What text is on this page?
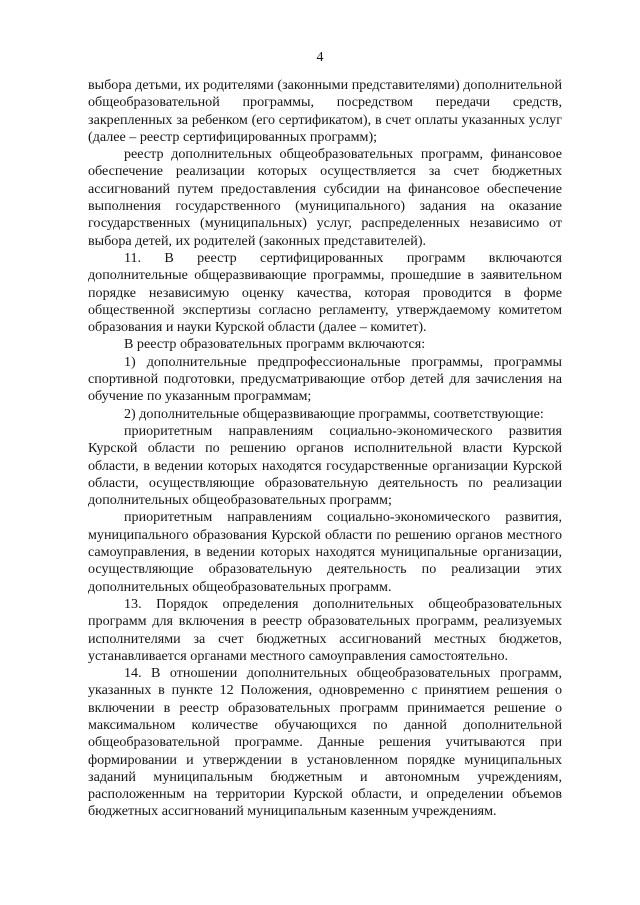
4

выбора детьми, их родителями (законными представителями) дополнительной общеобразовательной программы, посредством передачи средств, закрепленных за ребенком (его сертификатом), в счет оплаты указанных услуг (далее – реестр сертифицированных программ);

реестр дополнительных общеобразовательных программ, финансовое обеспечение реализации которых осуществляется за счет бюджетных ассигнований путем предоставления субсидии на финансовое обеспечение выполнения государственного (муниципального) задания на оказание государственных (муниципальных) услуг, распределенных независимо от выбора детей, их родителей (законных представителей).

11. В реестр сертифицированных программ включаются дополнительные общеразвивающие программы, прошедшие в заявительном порядке независимую оценку качества, которая проводится в форме общественной экспертизы согласно регламенту, утверждаемому комитетом образования и науки Курской области (далее – комитет).

В реестр образовательных программ включаются:

1) дополнительные предпрофессиональные программы, программы спортивной подготовки, предусматривающие отбор детей для зачисления на обучение по указанным программам;

2) дополнительные общеразвивающие программы, соответствующие:

приоритетным направлениям социально-экономического развития Курской области по решению органов исполнительной власти Курской области, в ведении которых находятся государственные организации Курской области, осуществляющие образовательную деятельность по реализации дополнительных общеобразовательных программ;

приоритетным направлениям социально-экономического развития, муниципального образования Курской области по решению органов местного самоуправления, в ведении которых находятся муниципальные организации, осуществляющие образовательную деятельность по реализации этих дополнительных общеобразовательных программ.

13. Порядок определения дополнительных общеобразовательных программ для включения в реестр образовательных программ, реализуемых исполнителями за счет бюджетных ассигнований местных бюджетов, устанавливается органами местного самоуправления самостоятельно.

14. В отношении дополнительных общеобразовательных программ, указанных в пункте 12 Положения, одновременно с принятием решения о включении в реестр образовательных программ принимается решение о максимальном количестве обучающихся по данной дополнительной общеобразовательной программе. Данные решения учитываются при формировании и утверждении в установленном порядке муниципальных заданий муниципальным бюджетным и автономным учреждениям, расположенным на территории Курской области, и определении объемов бюджетных ассигнований муниципальным казенным учреждениям.
